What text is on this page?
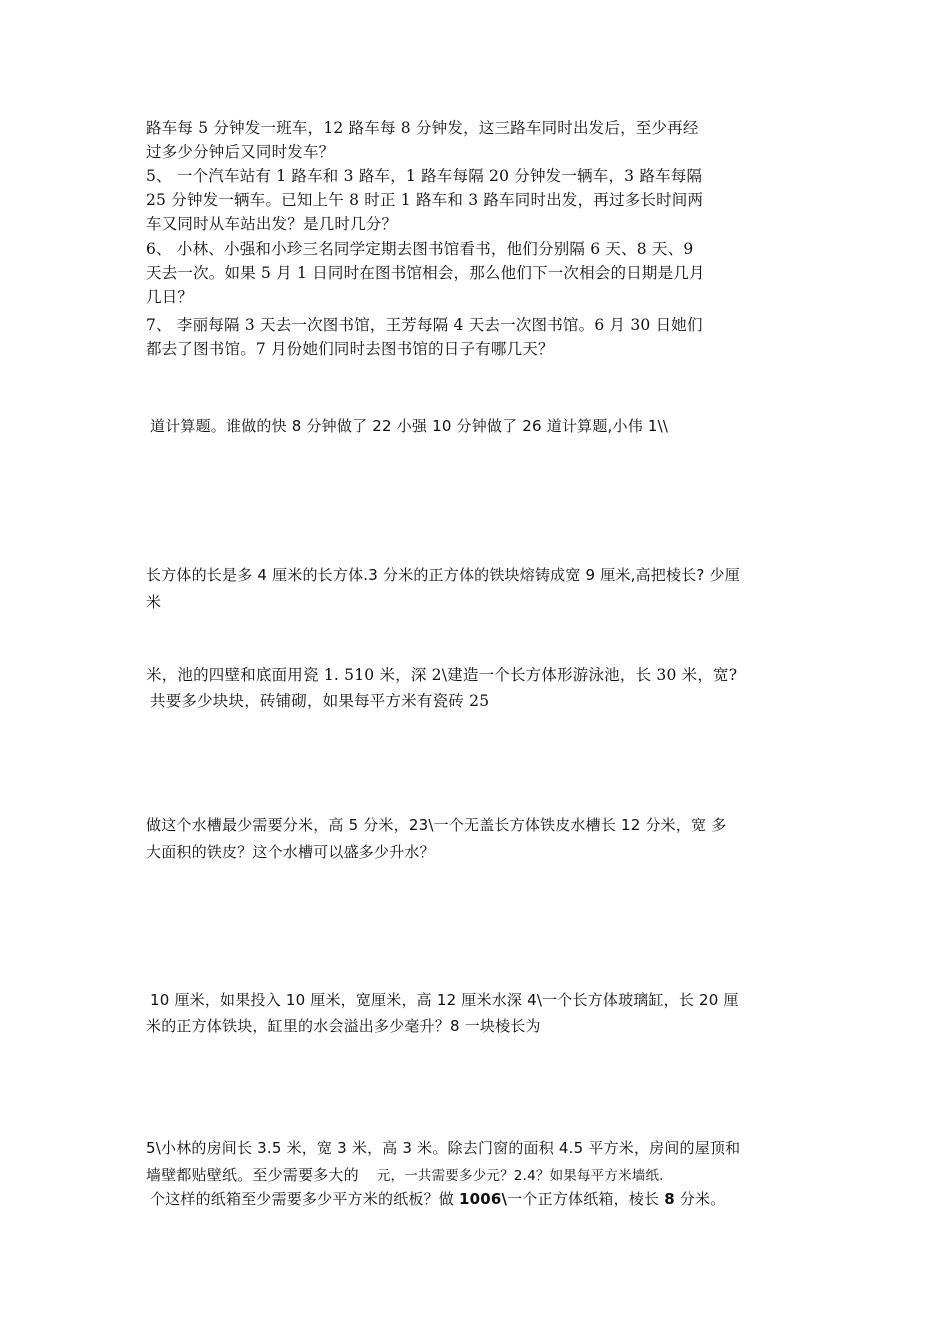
路车每 5 分钟发一班车，12 路车每 8 分钟发，这三路车同时出发后，至少再经
过多少分钟后又同时发车？
5、 一个汽车站有 1 路车和 3 路车，1 路车每隔 20 分钟发一辆车，3 路车每隔
25 分钟发一辆车。已知上午 8 时正 1 路车和 3 路车同时出发，再过多长时间两
车又同时从车站出发？是几时几分？
6、 小林、小强和小珍三名同学定期去图书馆看书，他们分别隔 6 天、8 天、9
天去一次。如果 5 月 1 日同时在图书馆相会，那么他们下一次相会的日期是几月
几日？
7、 李丽每隔 3 天去一次图书馆，王芳每隔 4 天去一次图书馆。6 月 30 日她们
都去了图书馆。7 月份她们同时去图书馆的日子有哪几天？
道计算题。谁做的快 8 分钟做了 22 小强 10 分钟做了 26 道计算题,小伟 1\\
长方体的长是多 4 厘米的长方体.3 分米的正方体的铁块熔铸成宽 9 厘米,高把棱长? 少厘
米
米，池的四壁和底面用瓷 1. 510 米，深 2\建造一个长方体形游泳池，长 30 米，宽?
共要多少块块，砖铺砌，如果每平方米有瓷砖 25
做这个水槽最少需要分米，高 5 分米，23\一个无盖长方体铁皮水槽长 12 分米，宽 多
大面积的铁皮？这个水槽可以盛多少升水？
10 厘米，如果投入 10 厘米，宽厘米，高 12 厘米水深 4\一个长方体玻璃缸，长 20 厘
米的正方体铁块，缸里的水会溢出多少毫升？8 一块棱长为
5\小林的房间长 3.5 米，宽 3 米，高 3 米。除去门窗的面积 4.5 平方米，房间的屋顶和
墙壁都贴壁纸。至少需要多大的 元，一共需要多少元？2.4？如果每平方米墙纸.
个这样的纸箱至少需要多少平方米的纸板？做 1006\一个正方体纸箱，棱长 8 分米。
